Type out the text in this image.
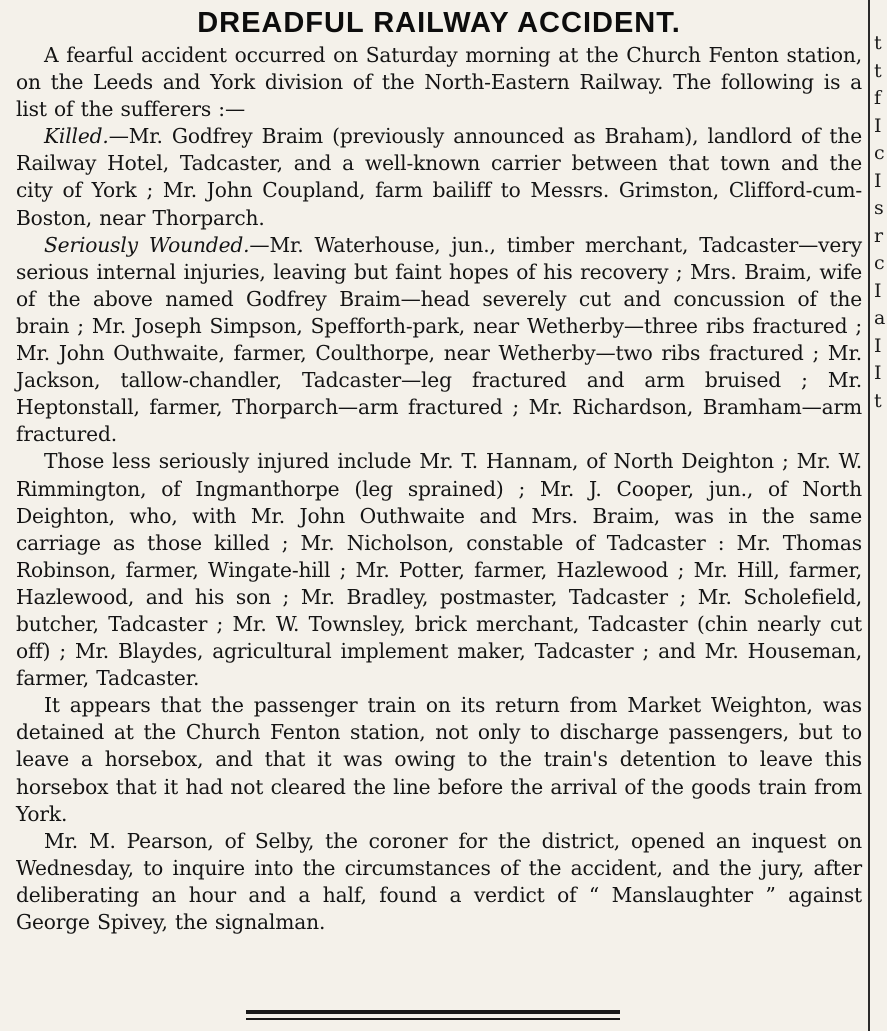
DREADFUL RAILWAY ACCIDENT.

A fearful accident occurred on Saturday morning at the Church Fenton station, on the Leeds and York division of the North-Eastern Railway. The following is a list of the sufferers :—

Killed.—Mr. Godfrey Braim (previously announced as Braham), landlord of the Railway Hotel, Tadcaster, and a well-known carrier between that town and the city of York ; Mr. John Coupland, farm bailiff to Messrs. Grimston, Clifford-cum-Boston, near Thorparch.

Seriously Wounded.—Mr. Waterhouse, jun., timber merchant, Tadcaster—very serious internal injuries, leaving but faint hopes of his recovery ; Mrs. Braim, wife of the above named Godfrey Braim—head severely cut and concussion of the brain ; Mr. Joseph Simpson, Spefforth-park, near Wetherby—three ribs fractured ; Mr. John Outhwaite, farmer, Coulthorpe, near Wetherby—two ribs fractured ; Mr. Jackson, tallow-chandler, Tadcaster—leg fractured and arm bruised ; Mr. Heptonstall, farmer, Thorparch—arm fractured ; Mr. Richardson, Bramham—arm fractured.

Those less seriously injured include Mr. T. Hannam, of North Deighton ; Mr. W. Rimmington, of Ingmanthorpe (leg sprained) ; Mr. J. Cooper, jun., of North Deighton, who, with Mr. John Outhwaite and Mrs. Braim, was in the same carriage as those killed ; Mr. Nicholson, constable of Tadcaster : Mr. Thomas Robinson, farmer, Wingate-hill ; Mr. Potter, farmer, Hazlewood ; Mr. Hill, farmer, Hazlewood, and his son ; Mr. Bradley, postmaster, Tadcaster ; Mr. Scholefield, butcher, Tadcaster ; Mr. W. Townsley, brick merchant, Tadcaster (chin nearly cut off) ; Mr. Blaydes, agricultural implement maker, Tadcaster ; and Mr. Houseman, farmer, Tadcaster.

It appears that the passenger train on its return from Market Weighton, was detained at the Church Fenton station, not only to discharge passengers, but to leave a horsebox, and that it was owing to the train's detention to leave this horsebox that it had not cleared the line before the arrival of the goods train from York.

Mr. M. Pearson, of Selby, the coroner for the district, opened an inquest on Wednesday, to inquire into the circumstances of the accident, and the jury, after deliberating an hour and a half, found a verdict of “ Manslaughter ” against George Spivey, the signalman.

t
t
f
I
c
I
s
r
c
I
a
I
I
t
